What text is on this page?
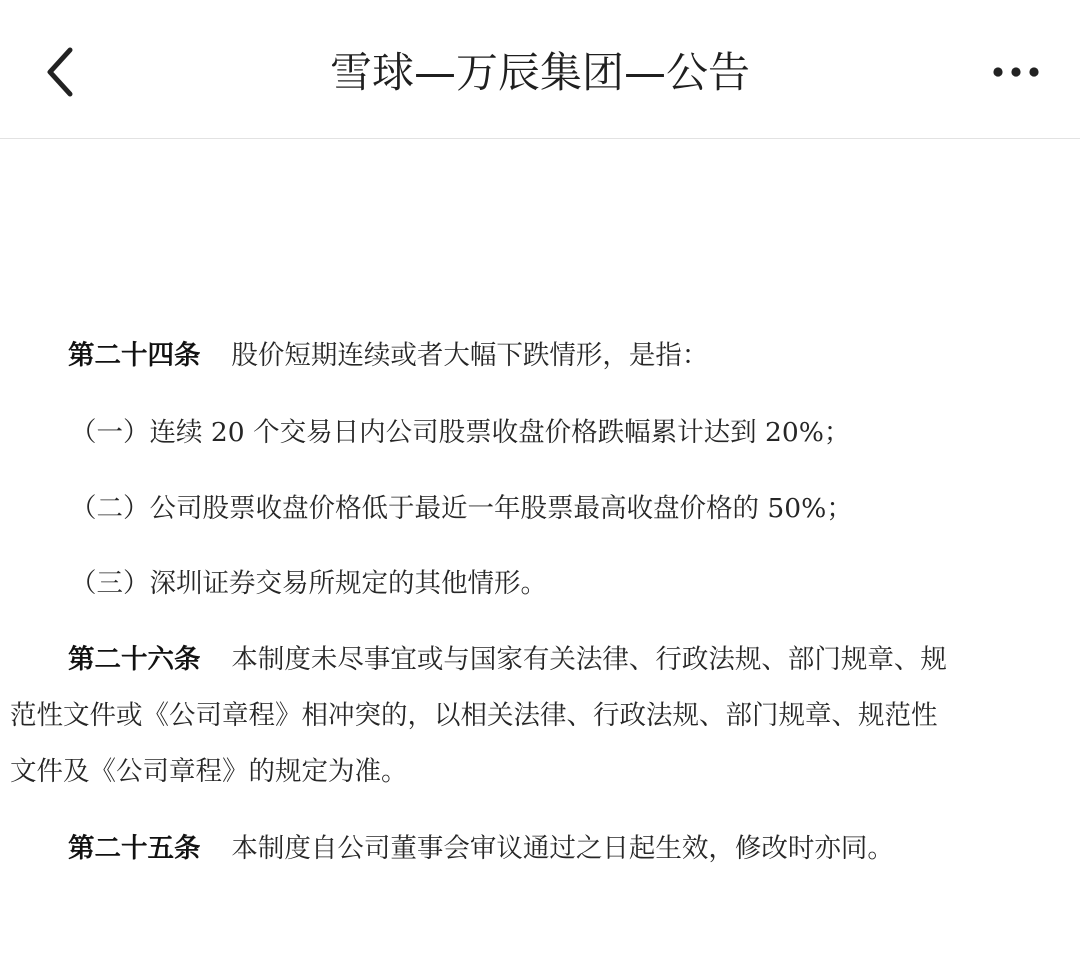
雪球—万辰集团—公告
第二十四条 股价短期连续或者大幅下跌情形，是指：
（一）连续 20 个交易日内公司股票收盘价格跌幅累计达到 20%；
（二）公司股票收盘价格低于最近一年股票最高收盘价格的 50%；
（三）深圳证券交易所规定的其他情形。
第二十六条 本制度未尽事宜或与国家有关法律、行政法规、部门规章、规
范性文件或《公司章程》相冲突的，以相关法律、行政法规、部门规章、规范性
文件及《公司章程》的规定为准。
第二十五条 本制度自公司董事会审议通过之日起生效，修改时亦同。
